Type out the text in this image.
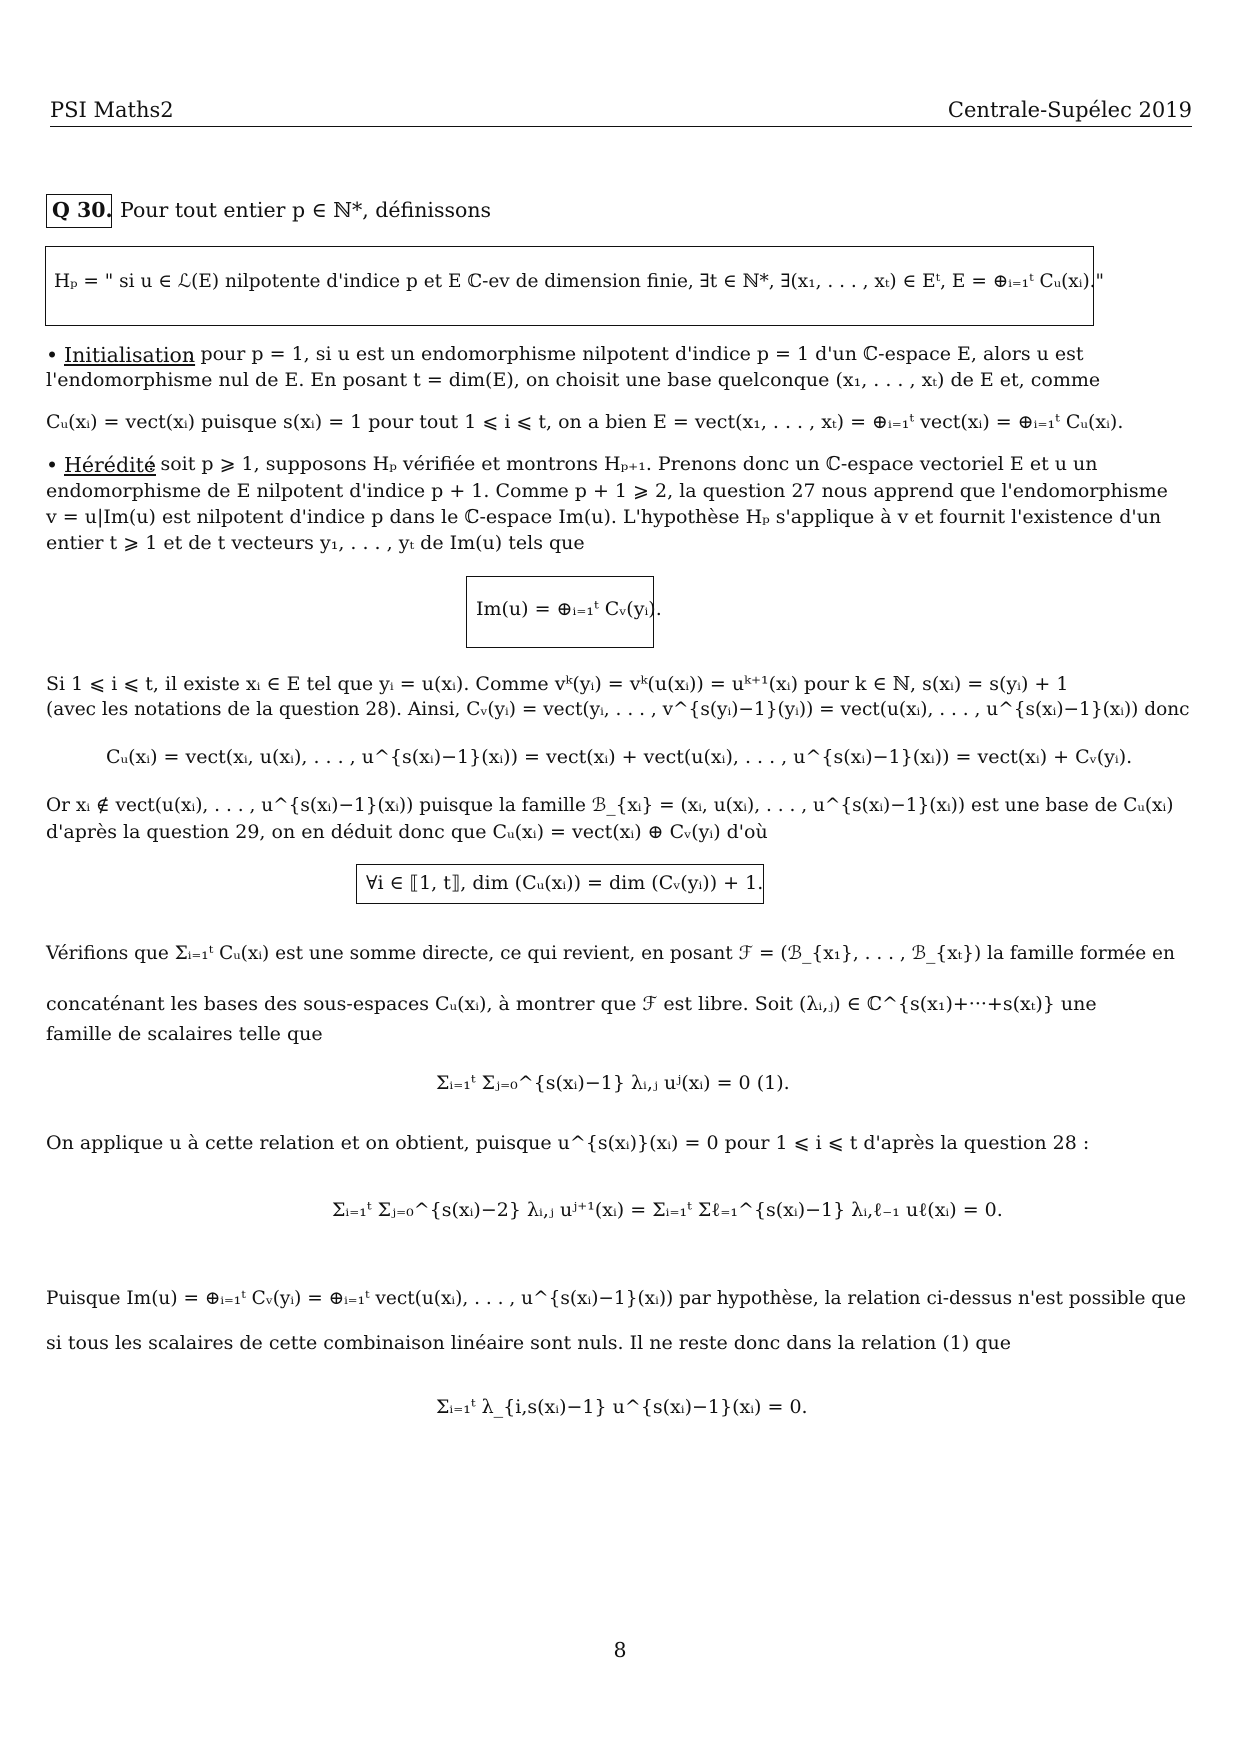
PSI Maths2	Centrale-Supélec 2019
Q 30. Pour tout entier p ∈ ℕ*, définissons
Hₚ = " si u ∈ ℒ(E) nilpotente d'indice p et E ℂ-ev de dimension finie, ∃t ∈ ℕ*, ∃(x₁, . . . , xₜ) ∈ Eᵗ, E = ⊕ᵢ₌₁ᵗ Cᵤ(xᵢ)."
• Initialisation
: pour p = 1, si u est un endomorphisme nilpotent d'indice p = 1 d'un ℂ-espace E, alors u est
l'endomorphisme nul de E. En posant t = dim(E), on choisit une base quelconque (x₁, . . . , xₜ) de E et, comme
Cᵤ(xᵢ) = vect(xᵢ) puisque s(xᵢ) = 1 pour tout 1 ⩽ i ⩽ t, on a bien E = vect(x₁, . . . , xₜ) = ⊕ᵢ₌₁ᵗ vect(xᵢ) = ⊕ᵢ₌₁ᵗ Cᵤ(xᵢ).
• Hérédité
: soit p ⩾ 1, supposons Hₚ vérifiée et montrons Hₚ₊₁. Prenons donc un ℂ-espace vectoriel E et u un
endomorphisme de E nilpotent d'indice p + 1. Comme p + 1 ⩾ 2, la question 27 nous apprend que l'endomorphisme
v = u|Im(u) est nilpotent d'indice p dans le ℂ-espace Im(u). L'hypothèse Hₚ s'applique à v et fournit l'existence d'un
entier t ⩾ 1 et de t vecteurs y₁, . . . , yₜ de Im(u) tels que
Im(u) = ⊕ᵢ₌₁ᵗ Cᵥ(yᵢ).
Si 1 ⩽ i ⩽ t, il existe xᵢ ∈ E tel que yᵢ = u(xᵢ). Comme vᵏ(yᵢ) = vᵏ(u(xᵢ)) = uᵏ⁺¹(xᵢ) pour k ∈ ℕ, s(xᵢ) = s(yᵢ) + 1
(avec les notations de la question 28). Ainsi, Cᵥ(yᵢ) = vect(yᵢ, . . . , v^{s(yᵢ)−1}(yᵢ)) = vect(u(xᵢ), . . . , u^{s(xᵢ)−1}(xᵢ)) donc
Cᵤ(xᵢ) = vect(xᵢ, u(xᵢ), . . . , u^{s(xᵢ)−1}(xᵢ)) = vect(xᵢ) + vect(u(xᵢ), . . . , u^{s(xᵢ)−1}(xᵢ)) = vect(xᵢ) + Cᵥ(yᵢ).
Or xᵢ ∉ vect(u(xᵢ), . . . , u^{s(xᵢ)−1}(xᵢ)) puisque la famille ℬ_{xᵢ} = (xᵢ, u(xᵢ), . . . , u^{s(xᵢ)−1}(xᵢ)) est une base de Cᵤ(xᵢ)
d'après la question 29, on en déduit donc que Cᵤ(xᵢ) = vect(xᵢ) ⊕ Cᵥ(yᵢ) d'où
∀i ∈ ⟦1, t⟧, dim (Cᵤ(xᵢ)) = dim (Cᵥ(yᵢ)) + 1.
Vérifions que Σᵢ₌₁ᵗ Cᵤ(xᵢ) est une somme directe, ce qui revient, en posant ℱ = (ℬ_{x₁}, . . . , ℬ_{xₜ}) la famille formée en
concaténant les bases des sous-espaces Cᵤ(xᵢ), à montrer que ℱ est libre. Soit (λᵢ,ⱼ) ∈ ℂ^{s(x₁)+···+s(xₜ)} une
famille de scalaires telle que
Σᵢ₌₁ᵗ Σⱼ₌₀^{s(xᵢ)−1} λᵢ,ⱼ uʲ(xᵢ) = 0 (1).
On applique u à cette relation et on obtient, puisque u^{s(xᵢ)}(xᵢ) = 0 pour 1 ⩽ i ⩽ t d'après la question 28 :
Σᵢ₌₁ᵗ Σⱼ₌₀^{s(xᵢ)−2} λᵢ,ⱼ uʲ⁺¹(xᵢ) = Σᵢ₌₁ᵗ Σℓ₌₁^{s(xᵢ)−1} λᵢ,ℓ₋₁ uℓ(xᵢ) = 0.
Puisque Im(u) = ⊕ᵢ₌₁ᵗ Cᵥ(yᵢ) = ⊕ᵢ₌₁ᵗ vect(u(xᵢ), . . . , u^{s(xᵢ)−1}(xᵢ)) par hypothèse, la relation ci-dessus n'est possible que
si tous les scalaires de cette combinaison linéaire sont nuls. Il ne reste donc dans la relation (1) que
Σᵢ₌₁ᵗ λ_{i,s(xᵢ)−1} u^{s(xᵢ)−1}(xᵢ) = 0.
8
